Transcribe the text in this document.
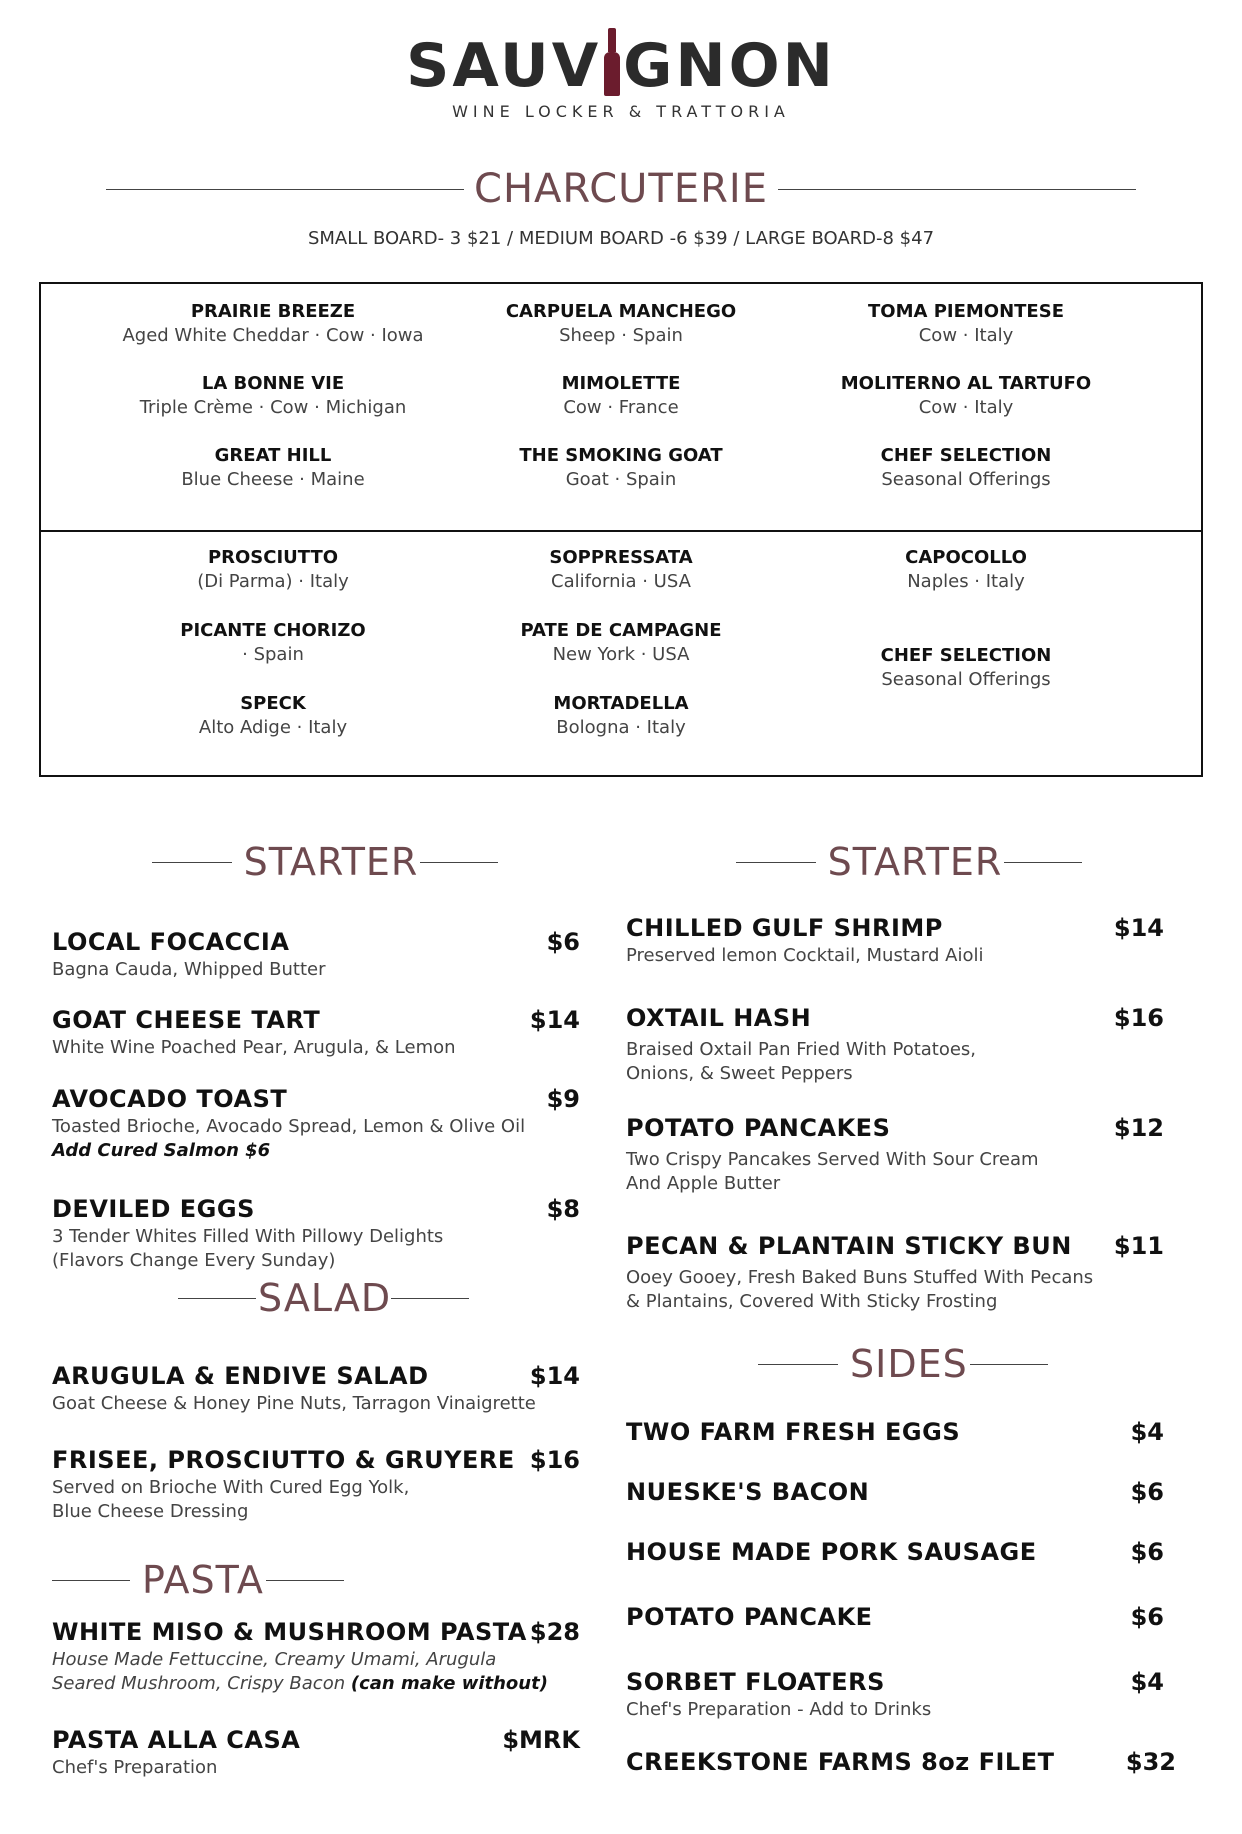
SAUV GNON
WINE LOCKER & TRATTORIA
CHARCUTERIE
SMALL BOARD- 3 $21 / MEDIUM BOARD -6 $39 / LARGE BOARD-8 $47
PRAIRIE BREEZE
Aged White Cheddar · Cow · Iowa
CARPUELA MANCHEGO
Sheep · Spain
TOMA PIEMONTESE
Cow · Italy
LA BONNE VIE
Triple Crème · Cow · Michigan
MIMOLETTE
Cow · France
MOLITERNO AL TARTUFO
Cow · Italy
GREAT HILL
Blue Cheese · Maine
THE SMOKING GOAT
Goat · Spain
CHEF SELECTION
Seasonal Offerings
PROSCIUTTO
(Di Parma) · Italy
SOPPRESSATA
California · USA
CAPOCOLLO
Naples · Italy
PICANTE CHORIZO
· Spain
PATE DE CAMPAGNE
New York · USA	CHEF SELECTION
Seasonal Offerings
SPECK
Alto Adige · Italy
MORTADELLA
Bologna · Italy
STARTER
LOCAL FOCACCIA	$6
Bagna Cauda, Whipped Butter
GOAT CHEESE TART	$14
White Wine Poached Pear, Arugula, & Lemon
AVOCADO TOAST	$9
Toasted Brioche, Avocado Spread, Lemon & Olive Oil
Add Cured Salmon $6
DEVILED EGGS	$8
3 Tender Whites Filled With Pillowy Delights
(Flavors Change Every Sunday)
SALAD
ARUGULA & ENDIVE SALAD	$14
Goat Cheese & Honey Pine Nuts, Tarragon Vinaigrette
FRISEE, PROSCIUTTO & GRUYERE $16
Served on Brioche With Cured Egg Yolk,
Blue Cheese Dressing
PASTA
WHITE MISO & MUSHROOM PASTA $28
House Made Fettuccine, Creamy Umami, Arugula
Seared Mushroom, Crispy Bacon (can make without)
PASTA ALLA CASA	$MRK
Chef's Preparation
STARTER
CHILLED GULF SHRIMP	$14
Preserved lemon Cocktail, Mustard Aioli
OXTAIL HASH	$16
Braised Oxtail Pan Fried With Potatoes,
Onions, & Sweet Peppers
POTATO PANCAKES	$12
Two Crispy Pancakes Served With Sour Cream
And Apple Butter
PECAN & PLANTAIN STICKY BUN $11
Ooey Gooey, Fresh Baked Buns Stuffed With Pecans
& Plantains, Covered With Sticky Frosting
SIDES
TWO FARM FRESH EGGS	$4
NUESKE'S BACON	$6
HOUSE MADE PORK SAUSAGE	$6
POTATO PANCAKE	$6
SORBET FLOATERS	$4
Chef's Preparation - Add to Drinks
CREEKSTONE FARMS 8oz FILET	$32
